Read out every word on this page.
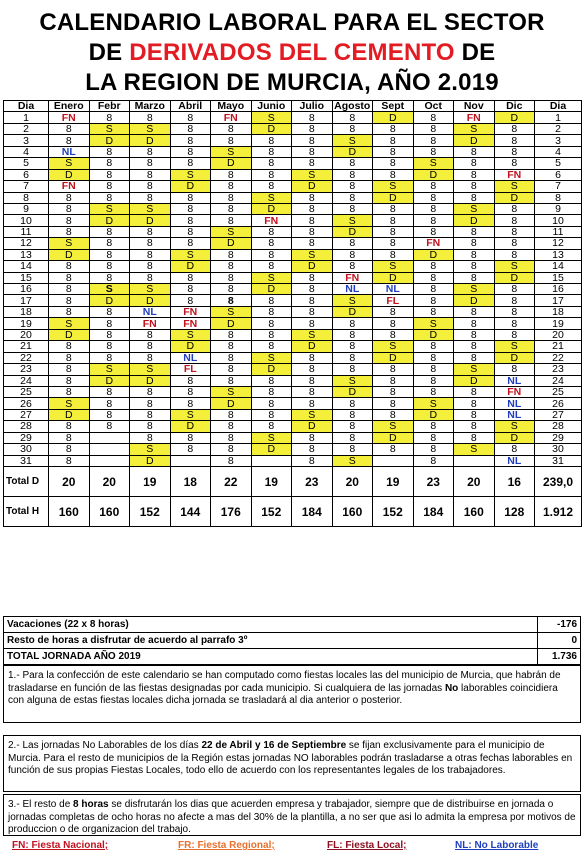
CALENDARIO LABORAL PARA EL SECTOR
DE DERIVADOS DEL CEMENTO DE
LA REGION DE MURCIA, AÑO 2.019
Dia	Enero	Febr	Marzo	Abril	Mayo	Junio	Julio	Agosto	Sept	Oct	Nov	Dic	Dia
1	FN	8	8	8	FN	S	8	8	D	8	FN	D	1
2	8	S	S	8	8	D	8	8	8	8	S	8	2
3	8	D	D	8	8	8	8	S	8	8	D	8	3
4	NL	8	8	8	S	8	8	D	8	8	8	8	4
5	S	8	8	8	D	8	8	8	8	S	8	8	5
6	D	8	8	S	8	8	S	8	8	D	8	FN	6
7	FN	8	8	D	8	8	D	8	S	8	8	S	7
8	8	8	8	8	8	S	8	8	D	8	8	D	8
9	8	S	S	8	8	D	8	8	8	8	S	8	9
10	8	D	D	8	8	FN	8	S	8	8	D	8	10
11	8	8	8	8	S	8	8	D	8	8	8	8	11
12	S	8	8	8	D	8	8	8	8	FN	8	8	12
13	D	8	8	S	8	8	S	8	8	D	8	8	13
14	8	8	8	D	8	8	D	8	S	8	8	S	14
15	8	8	8	8	8	S	8	FN	D	8	8	D	15
16	8	S	S	8	8	D	8	NL	NL	8	S	8	16
17	8	D	D	8	8	8	8	S	FL	8	D	8	17
18	8	8	NL	FN	S	8	8	D	8	8	8	8	18
19	S	8	FN	FN	D	8	8	8	8	S	8	8	19
20	D	8	8	S	8	8	S	8	8	D	8	8	20
21	8	8	8	D	8	8	D	8	S	8	8	S	21
22	8	8	8	NL	8	S	8	8	D	8	8	D	22
23	8	S	S	FL	8	D	8	8	8	8	S	8	23
24	8	D	D	8	8	8	8	S	8	8	D	NL	24
25	8	8	8	8	S	8	8	D	8	8	8	FN	25
26	S	8	8	8	D	8	8	8	8	S	8	NL	26
27	D	8	8	S	8	8	S	8	8	D	8	NL	27
28	8	8	8	D	8	8	D	8	S	8	8	S	28
29	8		8	8	8	S	8	8	D	8	8	D	29
30	8		S	8	8	D	8	8	8	8	S	8	30
31	8		D		8		8	S		8		NL	31
Total D	20	20	19	18	22	19	23	20	19	23	20	16	239,0
Total H	160	160	152	144	176	152	184	160	152	184	160	128	1.912
Vacaciones (22 x 8 horas)	-176
Resto de horas a disfrutar de acuerdo al parrafo 3º	0
TOTAL JORNADA AÑO 2019	1.736
1.- Para la confección de este calendario se han computado como fiestas locales las del municipio de Murcia, que habrán de trasladarse en función de las fiestas designadas por cada municipio. Si cualquiera de las jornadas No laborables coincidiera con alguna de estas fiestas locales dicha jornada se trasladará al dia anterior o posterior.
2.- Las jornadas No Laborables de los días 22 de Abril y 16 de Septiembre se fijan exclusivamente para el municipio de Murcia. Para el resto de municipios de la Región estas jornadas NO laborables podrán trasladarse a otras fechas laborables en función de sus propias Fiestas Locales, todo ello de acuerdo con los representantes legales de los trabajadores.
3.- El resto de 8 horas se disfrutarán los dias que acuerden empresa y trabajador, siempre que de distribuirse en jornada o jornadas completas de ocho horas no afecte a mas del 30% de la plantilla, a no ser que asi lo admita la empresa por motivos de produccion o de organizacion del trabajo.
FN: Fiesta Nacional;	FR: Fiesta Regional;	FL: Fiesta Local;	NL: No Laborable
